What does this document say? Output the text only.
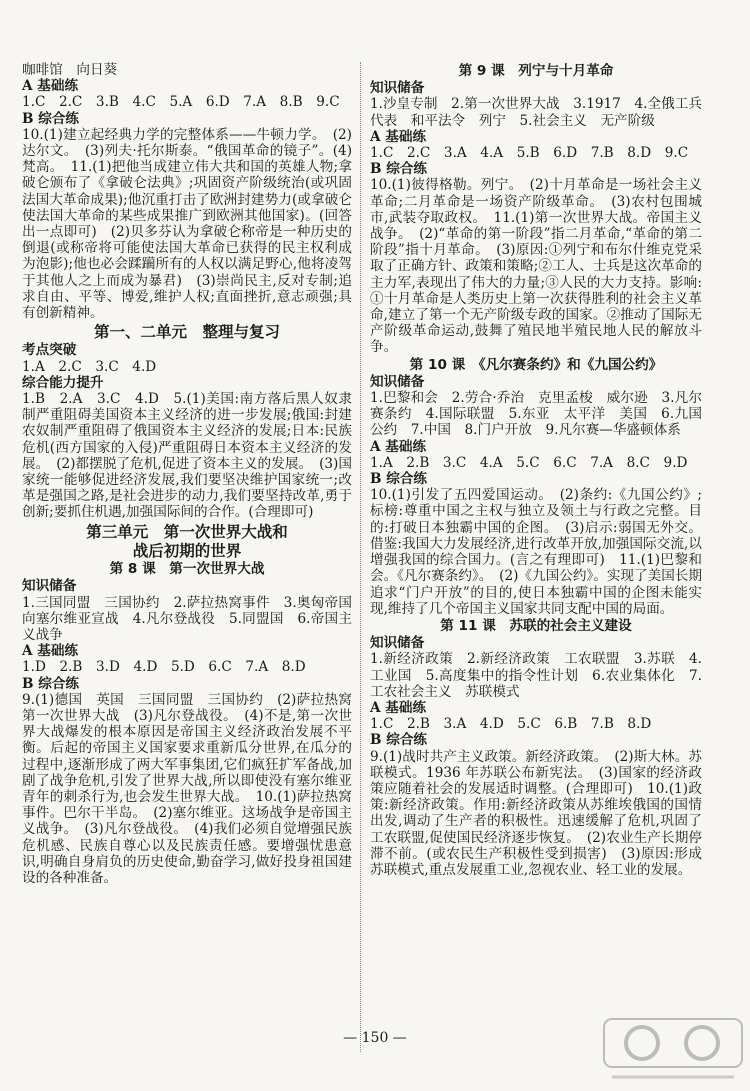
咖啡馆　向日葵
A 基础练
1.C　2.C　3.B　4.C　5.A　6.D　7.A　8.B　9.C
B 综合练
10.(1)建立起经典力学的完整体系——牛顿力学。　(2)达尔文。　(3)列夫·托尔斯泰。“俄国革命的镜子”。(4)梵高。　11.(1)把他当成建立伟大共和国的英雄人物;拿破仑颁布了《拿破仑法典》;巩固资产阶级统治(或巩固法国大革命成果);他沉重打击了欧洲封建势力(或拿破仑使法国大革命的某些成果推广到欧洲其他国家)。(回答出一点即可)　(2)贝多芬认为拿破仑称帝是一种历史的倒退(或称帝将可能使法国大革命已获得的民主权利成为泡影);他也必会蹂躏所有的人权以满足野心,他将凌驾于其他人之上而成为暴君)　(3)崇尚民主,反对专制;追求自由、平等、博爱,维护人权;直面挫折,意志顽强;具有创新精神。
第一、二单元　整理与复习
考点突破
1.A　2.C　3.C　4.D
综合能力提升
1.B　2.A　3.C　4.D　5.(1)美国:南方落后黑人奴隶制严重阻碍美国资本主义经济的进一步发展;俄国:封建农奴制严重阻碍了俄国资本主义经济的发展;日本:民族危机(西方国家的入侵)严重阻碍日本资本主义经济的发展。　(2)都摆脱了危机,促进了资本主义的发展。　(3)国家统一能够促进经济发展,我们要坚决维护国家统一;改革是强国之路,是社会进步的动力,我们要坚持改革,勇于创新;要抓住机遇,加强国际间的合作。(合理即可)
第三单元　第一次世界大战和
战后初期的世界
第 8 课　第一次世界大战
知识储备
1.三国同盟　三国协约　2.萨拉热窝事件　3.奥匈帝国向塞尔维亚宣战　4.凡尔登战役　5.同盟国　6.帝国主义战争
A 基础练
1.D　2.B　3.D　4.D　5.D　6.C　7.A　8.D
B 综合练
9.(1)德国　英国　三国同盟　三国协约　(2)萨拉热窝　第一次世界大战　(3)凡尔登战役。　(4)不是,第一次世界大战爆发的根本原因是帝国主义经济政治发展不平衡。后起的帝国主义国家要求重新瓜分世界,在瓜分的过程中,逐渐形成了两大军事集团,它们疯狂扩军备战,加剧了战争危机,引发了世界大战,所以即使没有塞尔维亚青年的刺杀行为,也会发生世界大战。　10.(1)萨拉热窝事件。巴尔干半岛。　(2)塞尔维亚。这场战争是帝国主义战争。　(3)凡尔登战役。　(4)我们必须自觉增强民族危机感、民族自尊心以及民族责任感。要增强忧患意识,明确自身肩负的历史使命,勤奋学习,做好投身祖国建设的各种准备。
第 9 课　列宁与十月革命
知识储备
1.沙皇专制　2.第一次世界大战　3.1917　4.全俄工兵代表　和平法令　列宁　5.社会主义　无产阶级
A 基础练
1.C　2.C　3.A　4.A　5.B　6.D　7.B　8.D　9.C
B 综合练
10.(1)彼得格勒。列宁。　(2)十月革命是一场社会主义革命;二月革命是一场资产阶级革命。　(3)农村包围城市,武装夺取政权。　11.(1)第一次世界大战。帝国主义战争。　(2)“革命的第一阶段”指二月革命,“革命的第二阶段”指十月革命。　(3)原因:①列宁和布尔什维克党采取了正确方针、政策和策略;②工人、士兵是这次革命的主力军,表现出了伟大的力量;③人民的大力支持。影响:①十月革命是人类历史上第一次获得胜利的社会主义革命,建立了第一个无产阶级专政的国家。②推动了国际无产阶级革命运动,鼓舞了殖民地半殖民地人民的解放斗争。
第 10 课　《凡尔赛条约》和《九国公约》
知识储备
1.巴黎和会　2.劳合·乔治　克里孟梭　威尔逊　3.凡尔赛条约　4.国际联盟　5.东亚　太平洋　美国　6.九国公约　7.中国　8.门户开放　9.凡尔赛—华盛顿体系
A 基础练
1.A　2.B　3.C　4.A　5.C　6.C　7.A　8.C　9.D
B 综合练
10.(1)引发了五四爱国运动。　(2)条约:《九国公约》;标榜:尊重中国之主权与独立及领土与行政之完整。目的:打破日本独霸中国的企图。　(3)启示:弱国无外交。借鉴:我国大力发展经济,进行改革开放,加强国际交流,以增强我国的综合国力。(言之有理即可)　11.(1)巴黎和会。《凡尔赛条约》。　(2)《九国公约》。实现了美国长期追求“门户开放”的目的,使日本独霸中国的企图未能实现,维持了几个帝国主义国家共同支配中国的局面。
第 11 课　苏联的社会主义建设
知识储备
1.新经济政策　2.新经济政策　工农联盟　3.苏联　4.工业国　5.高度集中的指令性计划　6.农业集体化　7.工农社会主义　苏联模式
A 基础练
1.C　2.B　3.A　4.D　5.C　6.B　7.B　8.D
B 综合练
9.(1)战时共产主义政策。新经济政策。　(2)斯大林。苏联模式。1936 年苏联公布新宪法。　(3)国家的经济政策应随着社会的发展适时调整。(合理即可)　10.(1)政策:新经济政策。作用:新经济政策从苏维埃俄国的国情出发,调动了生产者的积极性。迅速缓解了危机,巩固了工农联盟,促使国民经济逐步恢复。　(2)农业生产长期停滞不前。(或农民生产积极性受到损害)　(3)原因:形成苏联模式,重点发展重工业,忽视农业、轻工业的发展。
— 150 —
